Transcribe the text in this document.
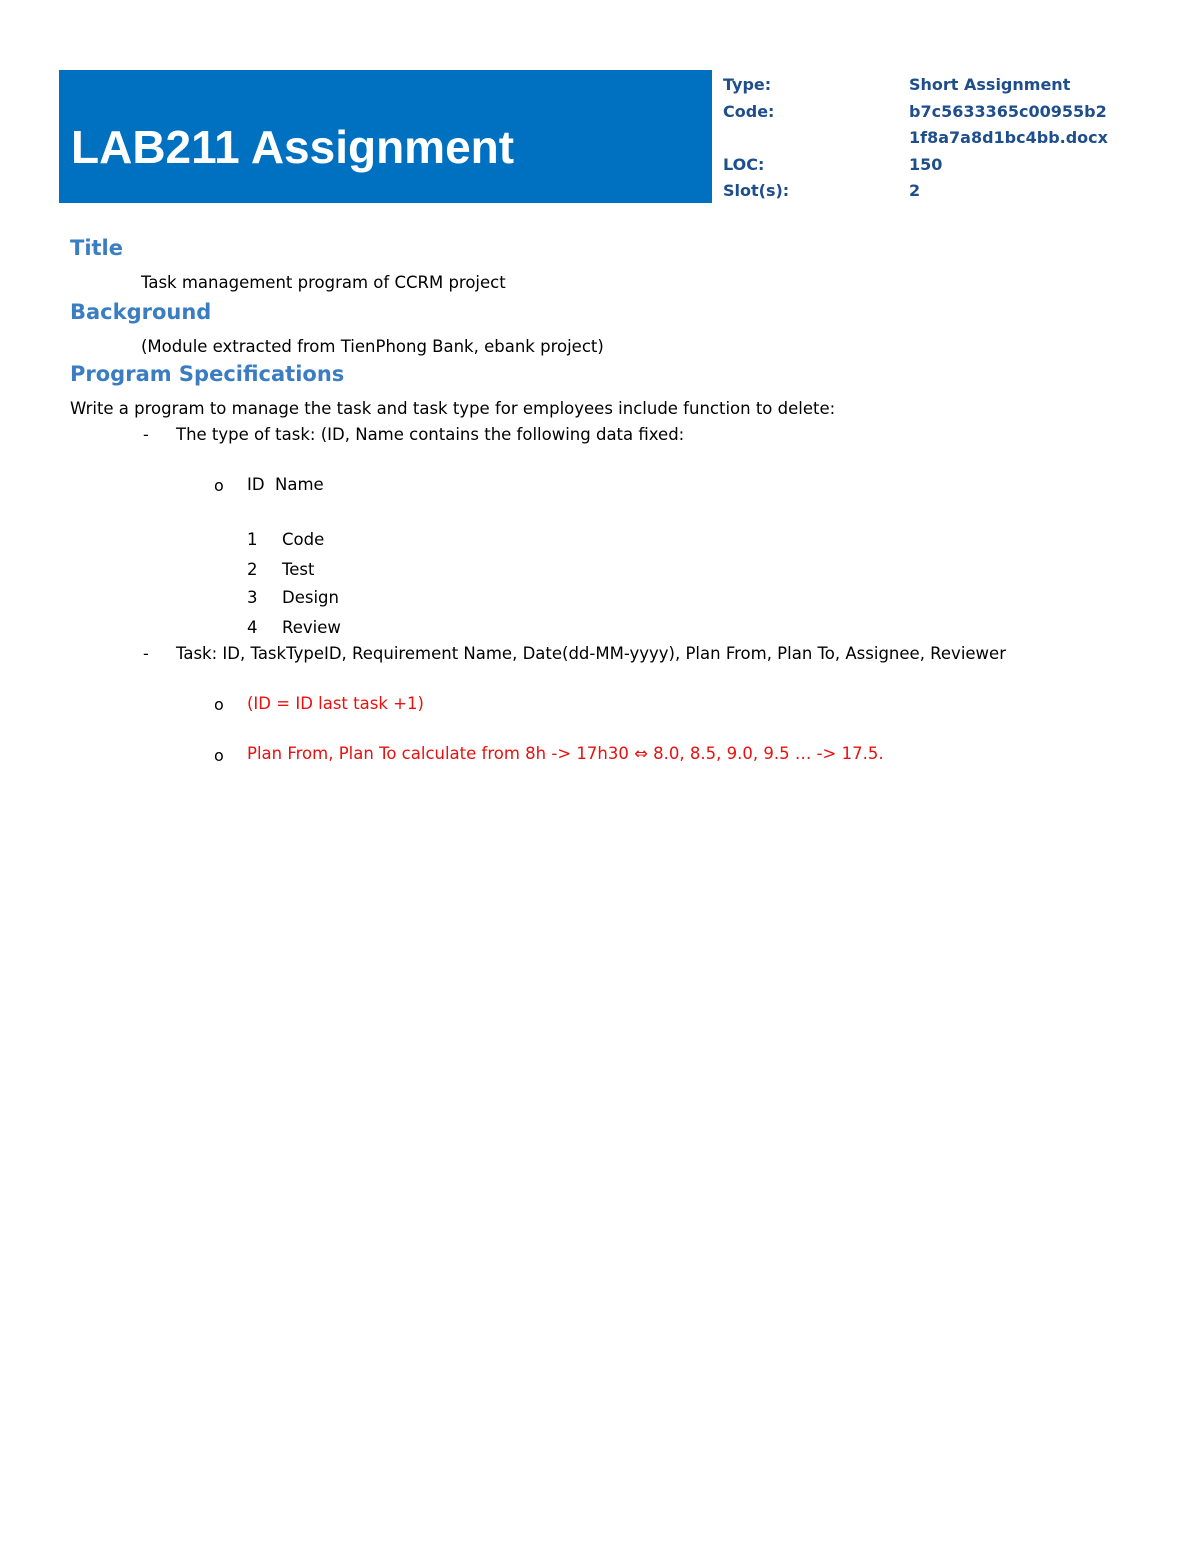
LAB211 Assignment
Type:	Short Assignment
Code:	b7c5633365c00955b2
1f8a7a8d1bc4bb.docx
LOC:	150
Slot(s):	2
Title

Task management program of CCRM project

Background

(Module extracted from TienPhong Bank, ebank project)

Program Specifications

Write a program to manage the task and task type for employees include function to delete:

- The type of task: (ID, Name contains the following data fixed:

o ID Name
1 Code
2 Test
3 Design
4 Review
- Task: ID, TaskTypeID, Requirement Name, Date(dd-MM-yyyy), Plan From, Plan To, Assignee, Reviewer

o (ID = ID last task +1)

o Plan From, Plan To calculate from 8h -> 17h30 ⇔ 8.0, 8.5, 9.0, 9.5 … -> 17.5.
